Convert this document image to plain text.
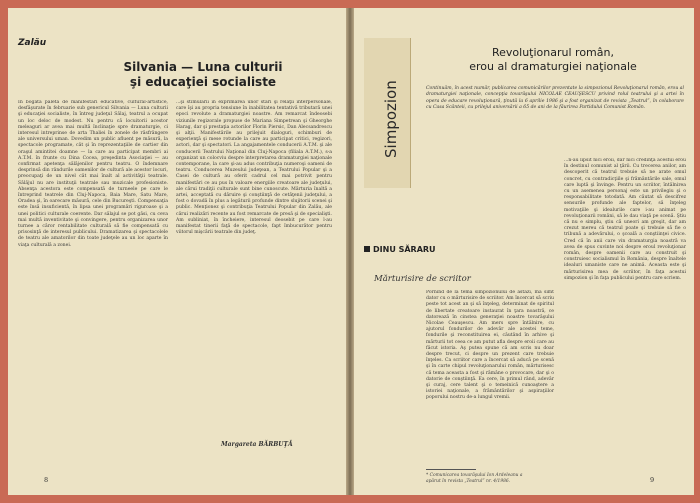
Zalău
Silvania — Luna culturii
şi educaţiei socialiste
În bogata paletă de manifestări educative, cultural-artistice, desfăşurate în februarie sub genericul Silvania — Luna culturii şi educaţiei socialiste, în întreg judeţul Sălaj, teatrul a ocupat un loc deloc de modest. Nu pentru că locuitorii acestor meleaguri ar avea mai multă înclinaţie spre dramaturgie, ci interesul intreprinse de arta Thaliei în zonele de răsfrângere ale universului uman. Dovedim un public afluent pe măsură, la spectacole programate, cât şi în reprezentaţiile de cartier din oraşul amintitei doamne — la care au participat membri ai A.T.M. în frunte cu Dina Cocea, preşedinta Asociaţiei — au confirmat apetenţa sălăjenilor pentru teatru. O îndemnare desprinsă din rândurile oamenilor de cultură ale acestor locuri, preocupaţi de un nivel cât mai înalt al activităţii teatrale. Sălăjul nu are instituţii teatrale sau muzicale profesioniste. Absenţa acestora este compensată de turneele pe care le întreprind teatrele din Cluj-Napoca, Baia Mare, Satu Mare, Oradea şi, în oarecare măsură, cele din Bucureşti. Compensaţia este însă insuficientă, în lipsa unei programări riguroase şi a unei politici culturale coerente. Dar sălajul se pot găsi, cu ceva mai multă inventivitate şi convingere, pentru organizarea unor turnee a căror rentabilitate culturală să fie compensată cu prisosinţă de interesul publicului. Dramatizarea şi spectacolele de teatru ale amatorilor din toate judeţele au un loc aparte în viaţa culturală a zonei.
...şi stimulării în exprimarea unor stări şi relaţii interpersonale, care îşi au propria tensiune în inabilitatea tentativă tributară unei epoci revolute a dramaturgiei noastre. Am remarcat îndeosebi viziunile regizorale propuse de Mariana Simpetrean şi Gheorghe Harag, dar şi prestaţia actorilor Florin Piersic, Dan Alecsandrescu şi alţii. Manifestările au prilejuit dialoguri, schimburi de experienţă şi mese rotunde la care au participat critici, regizori, actori, dar şi spectatori. La angajamentele conducerii A.T.M. şi ale conducerii Teatrului Naţional din Cluj-Napoca (filiala A.T.M.), s-a organizat un colocviu despre interpretarea dramaturgiei naţionale contemporane, la care şi-au adus contribuţia numeroşi oameni de teatru. Conducerea Muzeului judeţean, a Teatrului Popular şi a Casei de cultură au oferit cadrul cel mai potrivit pentru manifestări ce au pus în valoare energiile creatoare ale judeţului, ale cărui tradiţii culturale sunt bine cunoscute. Mărturia înaltă a artei, acceptată cu dăruire şi conştiinţă de cetăţenii judeţului, a fost o dovadă în plus a legăturii profunde dintre slujitorii scenei şi public. Menţionez şi contribuţia Teatrului Popular din Zalău, ale cărui realizări recente au fost remarcate de presă şi de specialişti. Am subliniat, în încheiere, interesul deosebit pe care l-au manifestat tinerii faţă de spectacole, fapt îmbucurător pentru viitorul mişcării teatrale din judeţ.
Margareta BĂRBUŢĂ
8
Simpozion
Revoluţionarul român,
erou al dramaturgiei naţionale
Continuăm, în acest număr, publicarea comunicărilor prezentate la simpozionul Revoluţionarul român, erou al dramaturgiei naţionale, concepţia tovarăşului NICOLAE CEAUŞESCU privind rolul teatrului şi a artei în opera de educare revoluţionară, ţinută la 6 aprilie 1986 şi a fost organizat de revista „Teatrul”, în colaborare cu Casa Scânteii, cu prilejul aniversării a 65 de ani de la făurirea Partidului Comunist Român.
DINU SĂRARU
Mărturisire de scriitor
Pornind de la tema simpozionului de astăzi, mă simt dator cu o mărturisire de scriitor. Am încercat să scriu peste tot acest an şi să înţeleg, determinat de spiritul de libertate creatoare instaurat în ţara noastră, ce datorează în cinstea generaţiei noastre tovarăşului Nicolae Ceauşescu. Am mers spre întâlnire, cu ajutorul fondurilor de adevăr ale acestei teme, fondurile şi reconstituirea ei, căutând în arhive şi mărturii tot ceea ce am putut afla despre eroii care au făcut istoria. Aş putea spune că am scris nu doar despre trecut, ci despre un prezent care trebuie înţeles. Ca scriitor care a încercat să aducă pe scenă şi în carte chipul revoluţionarului român, mărturisesc că tema aceasta a fost şi rămâne o provocare, dar şi o datorie de conştiinţă. Ea cere, în primul rând, adevăr şi curaj, cere talent şi o temeinică cunoaştere a istoriei naţionale, a frământărilor şi aspiraţiilor poporului nostru de-a lungul vremii.
...n-au lipsit nici eroii, dar nici credinţa acestui erou în destinul comunist al ţării. Cu trecerea anilor, am descoperit că teatrul trebuie să ne arate omul concret, cu contradicţiile şi frământările sale, omul care luptă şi învinge. Pentru un scriitor, întâlnirea cu un asemenea personaj este un privilegiu şi o responsabilitate totodată. Am căutat să descifrez sensurile profunde ale faptelor, să înţeleg motivaţiile şi idealurile care i-au animat pe revoluţionarii români, să le dau viaţă pe scenă. Ştiu că nu e simplu, ştiu că uneori am greşit, dar am crezut mereu că teatrul poate şi trebuie să fie o tribună a adevărului, o şcoală a conştiinţei civice. Cred că în anii care vin dramaturgia noastră va avea de spus cuvinte noi despre eroul revoluţionar român, despre oamenii care au construit şi construiesc socialismul în România, despre înaltele idealuri umaniste care ne animă. Aceasta este şi mărturisirea mea de scriitor, în faţa acestui simpozion şi în faţa publicului pentru care scriem.
* Comunicarea tovarăşului Ion Ardeleanu a apărut în revista „Teatrul” nr. 4/1986.	9
